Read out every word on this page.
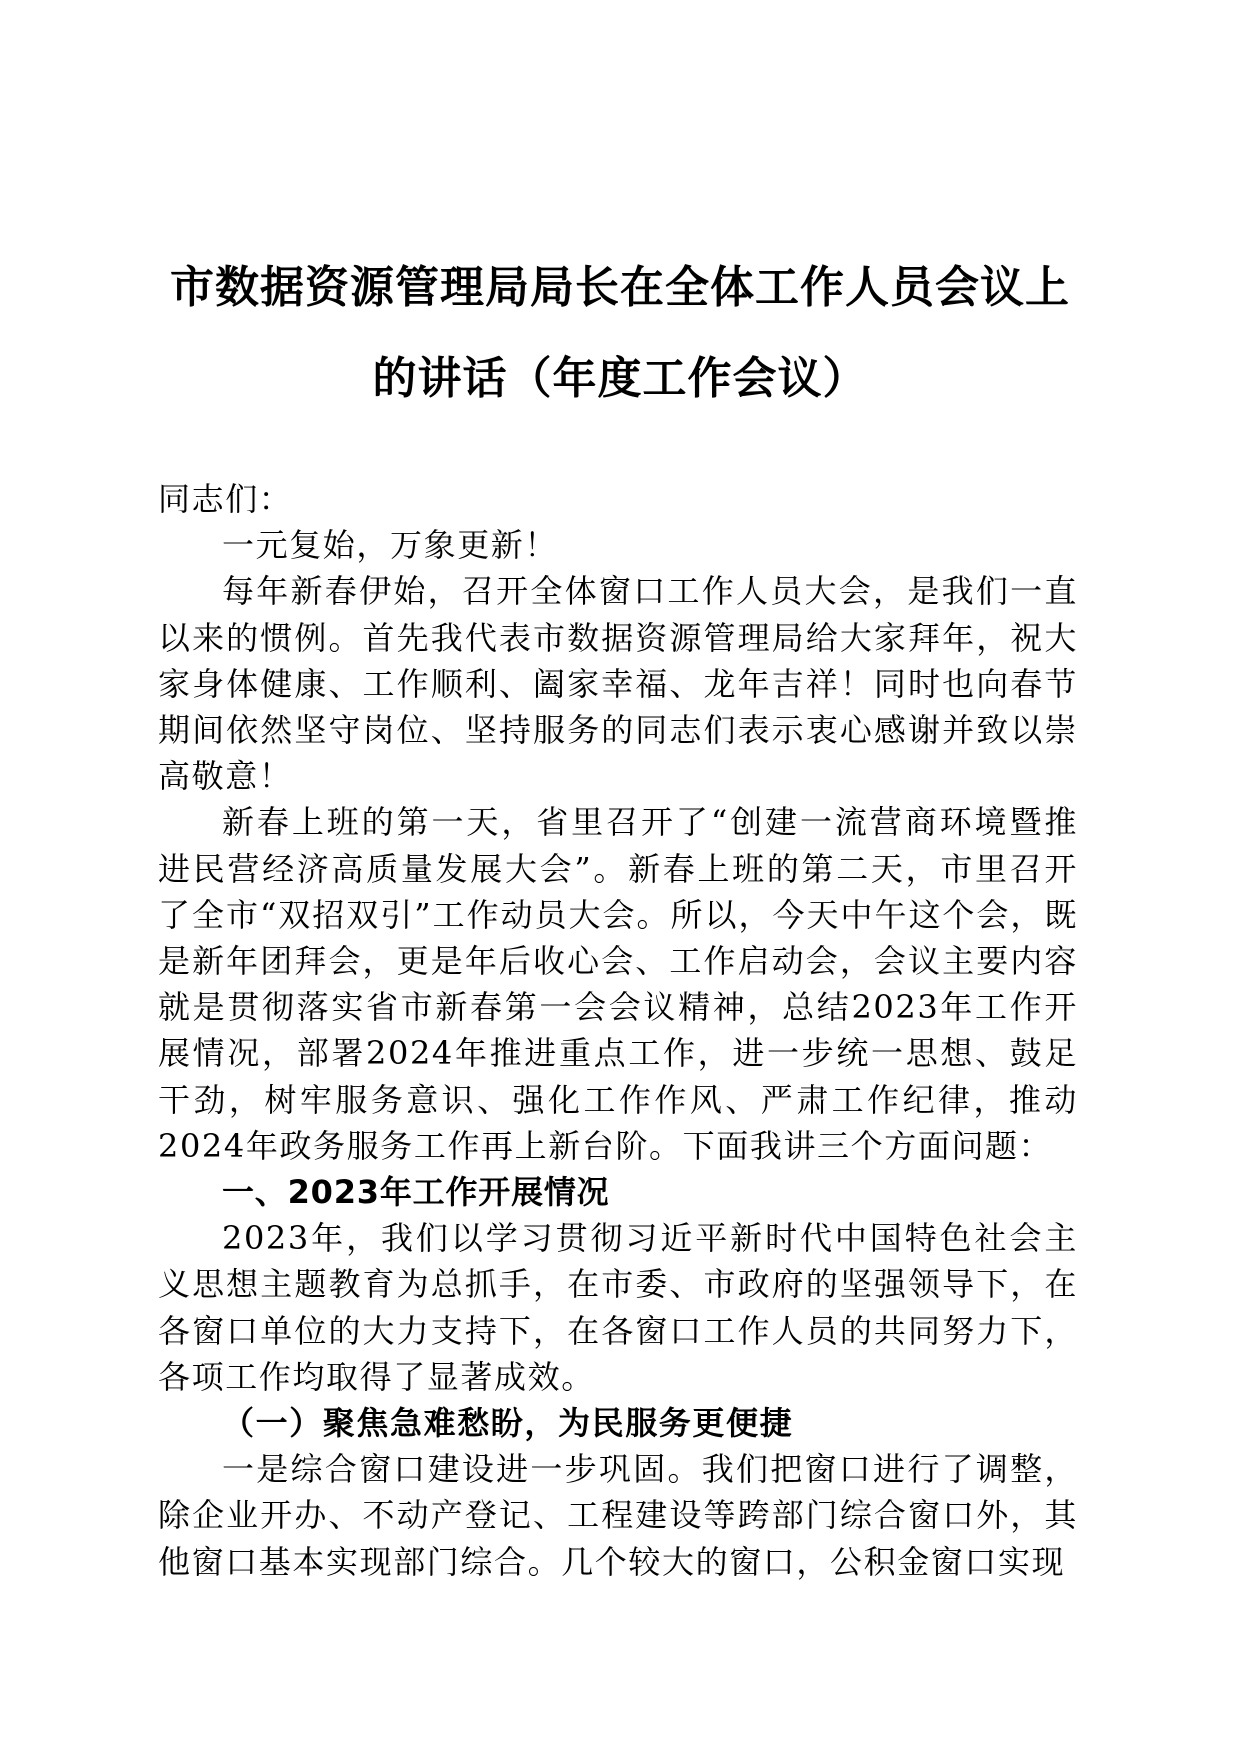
市数据资源管理局局长在全体工作人员会议上
的讲话（年度工作会议）

同志们：

一元复始，万象更新！

每年新春伊始，召开全体窗口工作人员大会，是我们一直以来的惯例。首先我代表市数据资源管理局给大家拜年，祝大家身体健康、工作顺利、阖家幸福、龙年吉祥！同时也向春节期间依然坚守岗位、坚持服务的同志们表示衷心感谢并致以崇高敬意！

新春上班的第一天，省里召开了“创建一流营商环境暨推进民营经济高质量发展大会”。新春上班的第二天，市里召开了全市“双招双引”工作动员大会。所以，今天中午这个会，既是新年团拜会，更是年后收心会、工作启动会，会议主要内容就是贯彻落实省市新春第一会会议精神，总结2023年工作开展情况，部署2024年推进重点工作，进一步统一思想、鼓足干劲，树牢服务意识、强化工作作风、严肃工作纪律，推动2024年政务服务工作再上新台阶。下面我讲三个方面问题：

一、2023年工作开展情况

2023年，我们以学习贯彻习近平新时代中国特色社会主义思想主题教育为总抓手，在市委、市政府的坚强领导下，在各窗口单位的大力支持下，在各窗口工作人员的共同努力下，各项工作均取得了显著成效。

（一）聚焦急难愁盼，为民服务更便捷

一是综合窗口建设进一步巩固。我们把窗口进行了调整，除企业开办、不动产登记、工程建设等跨部门综合窗口外，其他窗口基本实现部门综合。几个较大的窗口，公积金窗口实现
